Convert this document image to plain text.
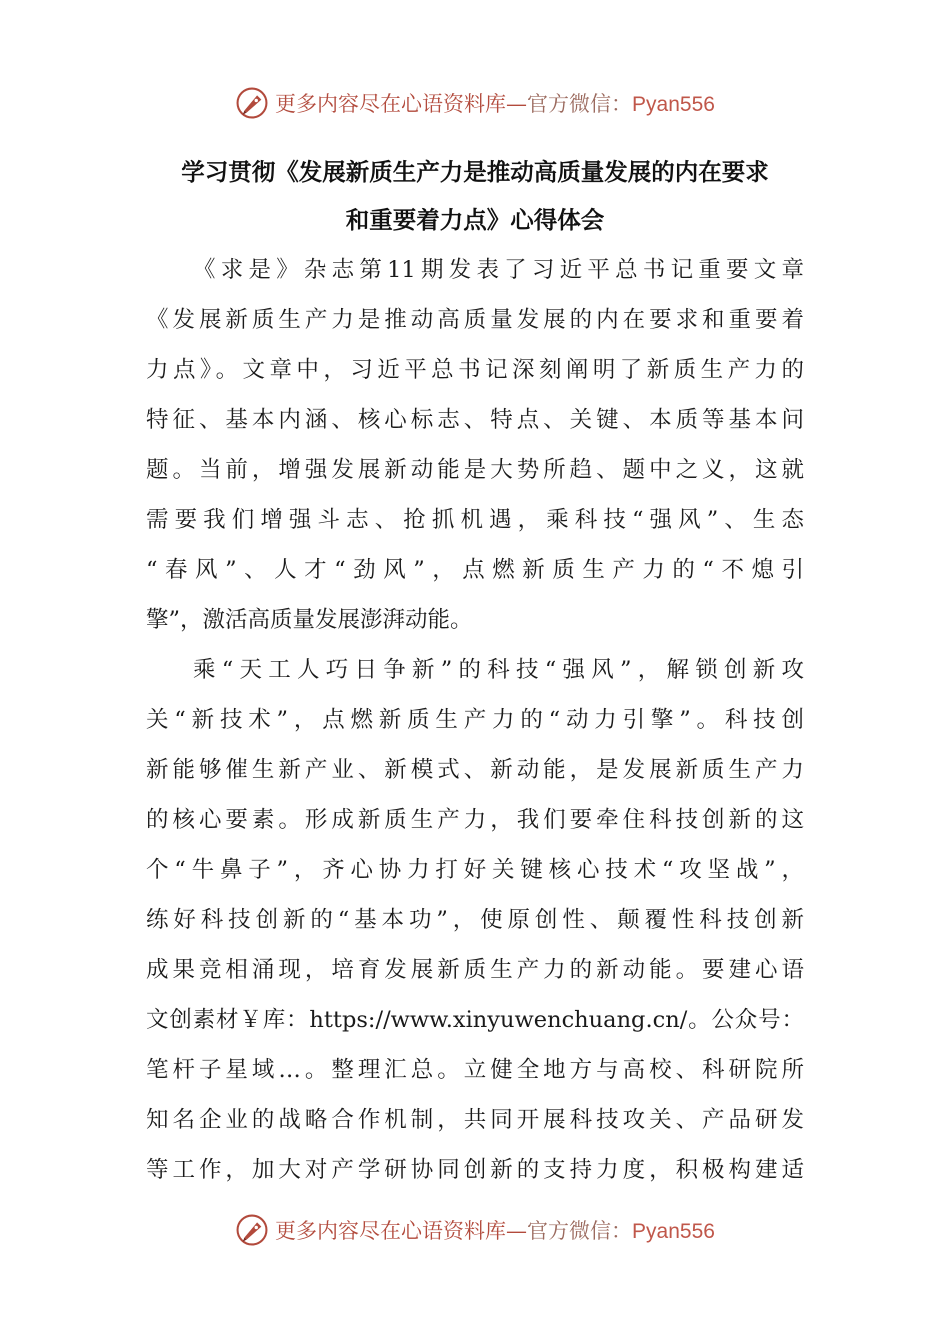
更多内容尽在心语资料库—官方微信：Pyan556
学习贯彻《发展新质生产力是推动高质量发展的内在要求
和重要着力点》心得体会
《求是》杂志第11期发表了习近平总书记重要文章
《发展新质生产力是推动高质量发展的内在要求和重要着
力点》。文章中，习近平总书记深刻阐明了新质生产力的
特征、基本内涵、核心标志、特点、关键、本质等基本问
题。当前，增强发展新动能是大势所趋、题中之义，这就
需要我们增强斗志、抢抓机遇，乘科技“强风”、生态
“春风”、人才“劲风”，点燃新质生产力的“不熄引
擎”，激活高质量发展澎湃动能。
乘“天工人巧日争新”的科技“强风”，解锁创新攻
关“新技术”，点燃新质生产力的“动力引擎”。科技创
新能够催生新产业、新模式、新动能，是发展新质生产力
的核心要素。形成新质生产力，我们要牵住科技创新的这
个“牛鼻子”，齐心协力打好关键核心技术“攻坚战”，
练好科技创新的“基本功”，使原创性、颠覆性科技创新
成果竞相涌现，培育发展新质生产力的新动能。要建心语
文创素材￥库：https://www.xinyuwenchuang.cn/。公众号：
笔杆子星域…。整理汇总。立健全地方与高校、科研院所
知名企业的战略合作机制，共同开展科技攻关、产品研发
等工作，加大对产学研协同创新的支持力度，积极构建适
更多内容尽在心语资料库—官方微信：Pyan556
